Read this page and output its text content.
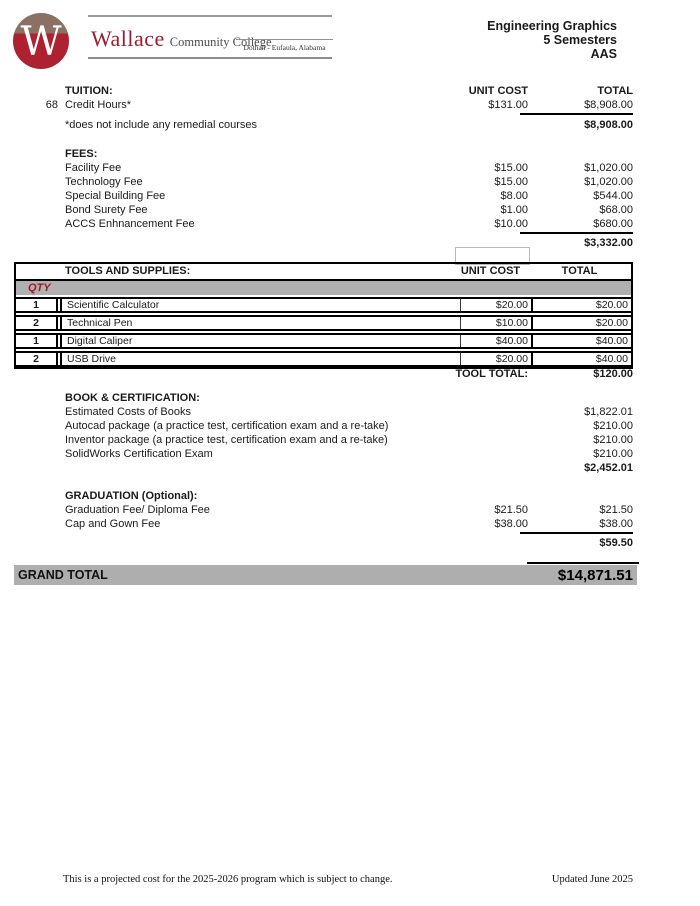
W	Wallace Community College
Dothan - Eufaula, Alabama
Engineering Graphics
5 Semesters
AAS
TUITION:	UNIT COST	TOTAL
68 Credit Hours*	$131.00	$8,908.00
*does not include any remedial courses	$8,908.00
FEES:
Facility Fee	$15.00	$1,020.00
Technology Fee	$15.00	$1,020.00
Special Building Fee	$8.00	$544.00
Bond Surety Fee	$1.00	$68.00
ACCS Enhnancement Fee	$10.00	$680.00
$3,332.00
TOOLS AND SUPPLIES:	UNIT COST	TOTAL
QTY
1	Scientific Calculator	$20.00	$20.00
2	Technical Pen	$10.00	$20.00
1	Digital Caliper	$40.00	$40.00
2	USB Drive	$20.00	$40.00
TOOL TOTAL:	$120.00
BOOK & CERTIFICATION:
Estimated Costs of Books	$1,822.01
Autocad package (a practice test, certification exam and a re-take)	$210.00
Inventor package (a practice test, certification exam and a re-take)	$210.00
SolidWorks Certification Exam	$210.00
$2,452.01
GRADUATION (Optional):
Graduation Fee/ Diploma Fee	$21.50	$21.50
Cap and Gown Fee	$38.00	$38.00
$59.50
GRAND TOTAL	$14,871.51
This is a projected cost for the 2025-2026 program which is subject to change.	Updated June 2025
